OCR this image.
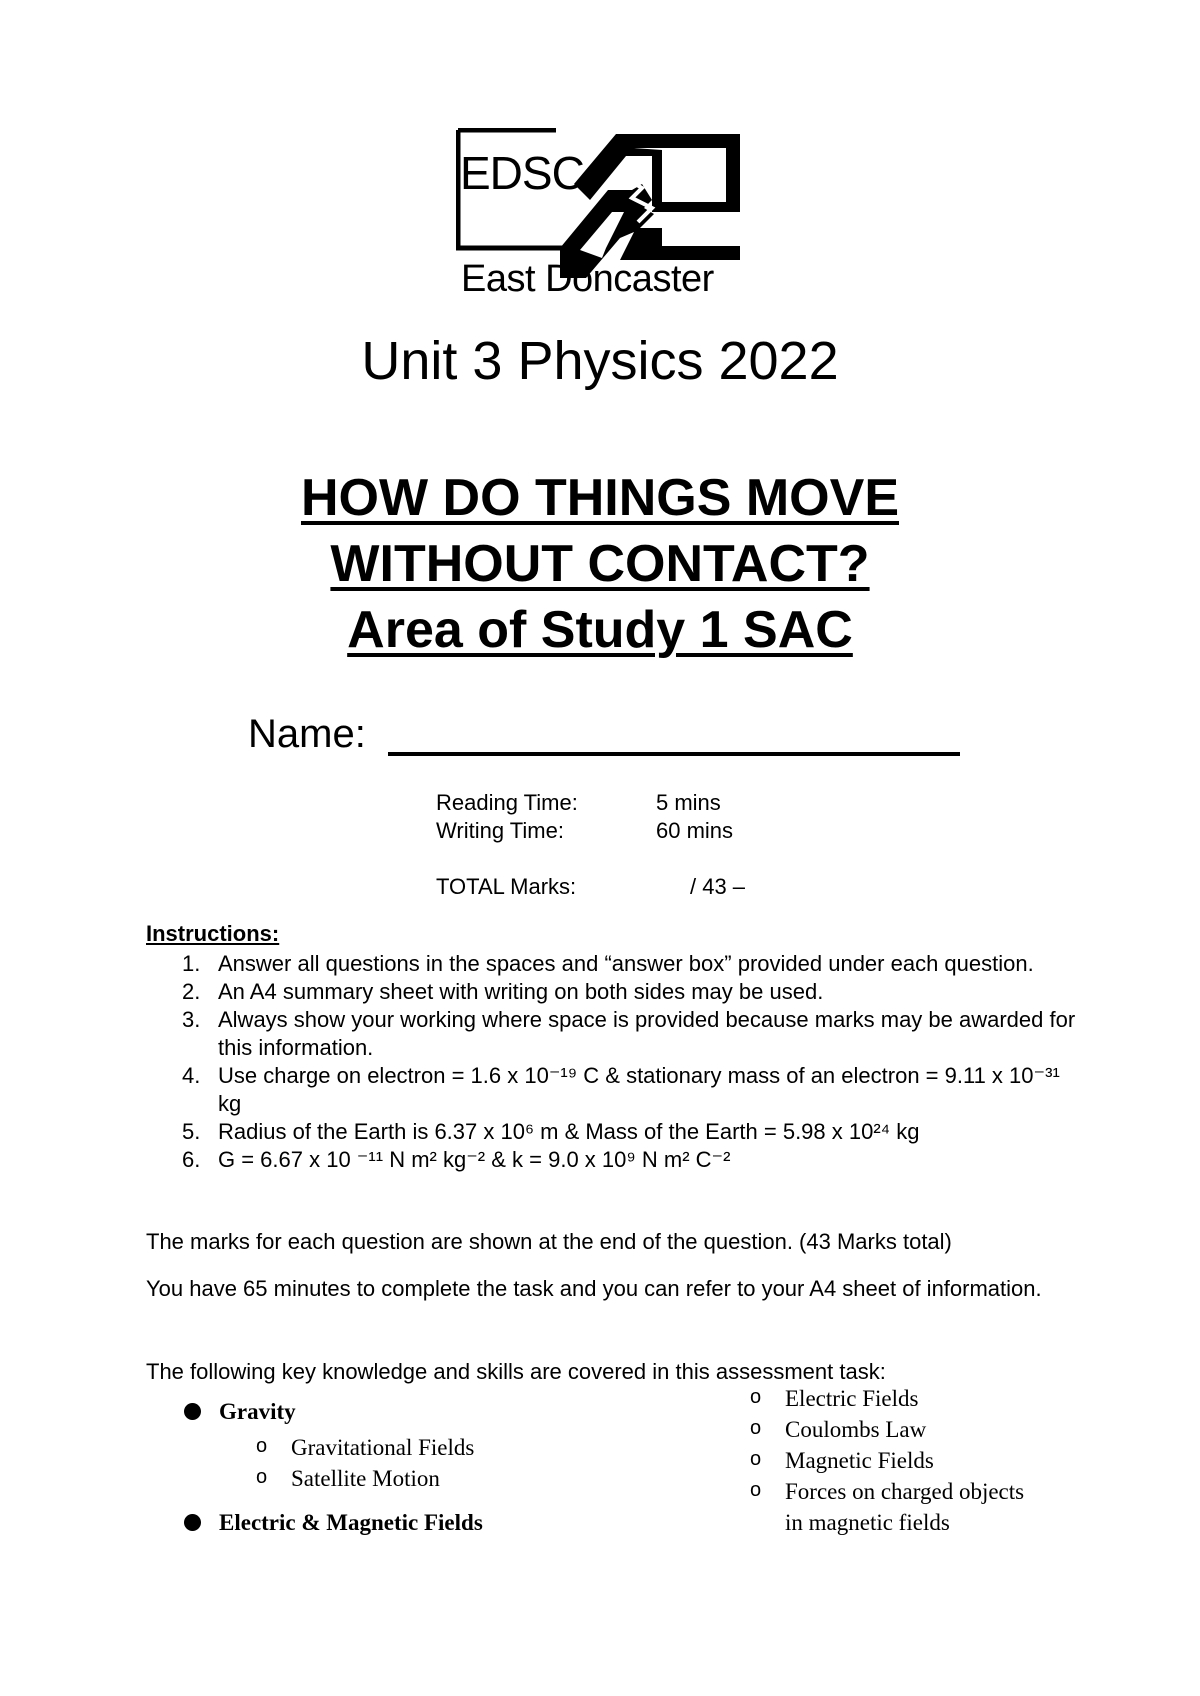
EDSC
East Doncaster
Unit 3 Physics 2022
HOW DO THINGS MOVE
WITHOUT CONTACT?
Area of Study 1 SAC
Name:
Reading Time:	5 mins
Writing Time:	60 mins
TOTAL Marks:	/ 43 –
Instructions:
1. Answer all questions in the spaces and “answer box” provided under each question.
2. An A4 summary sheet with writing on both sides may be used.
3. Always show your working where space is provided because marks may be awarded for this information.
4. Use charge on electron = 1.6 x 10⁻¹⁹ C & stationary mass of an electron = 9.11 x 10⁻³¹ kg
5. Radius of the Earth is 6.37 x 10⁶ m & Mass of the Earth = 5.98 x 10²⁴ kg
6. G = 6.67 x 10 ⁻¹¹ N m² kg⁻² & k = 9.0 x 10⁹ N m² C⁻²
The marks for each question are shown at the end of the question. (43 Marks total)
You have 65 minutes to complete the task and you can refer to your A4 sheet of information.
The following key knowledge and skills are covered in this assessment task:
Gravity
o Gravitational Fields
o Satellite Motion
Electric & Magnetic Fields
o Electric Fields
o Coulombs Law
o Magnetic Fields
o Forces on charged objects
in magnetic fields
